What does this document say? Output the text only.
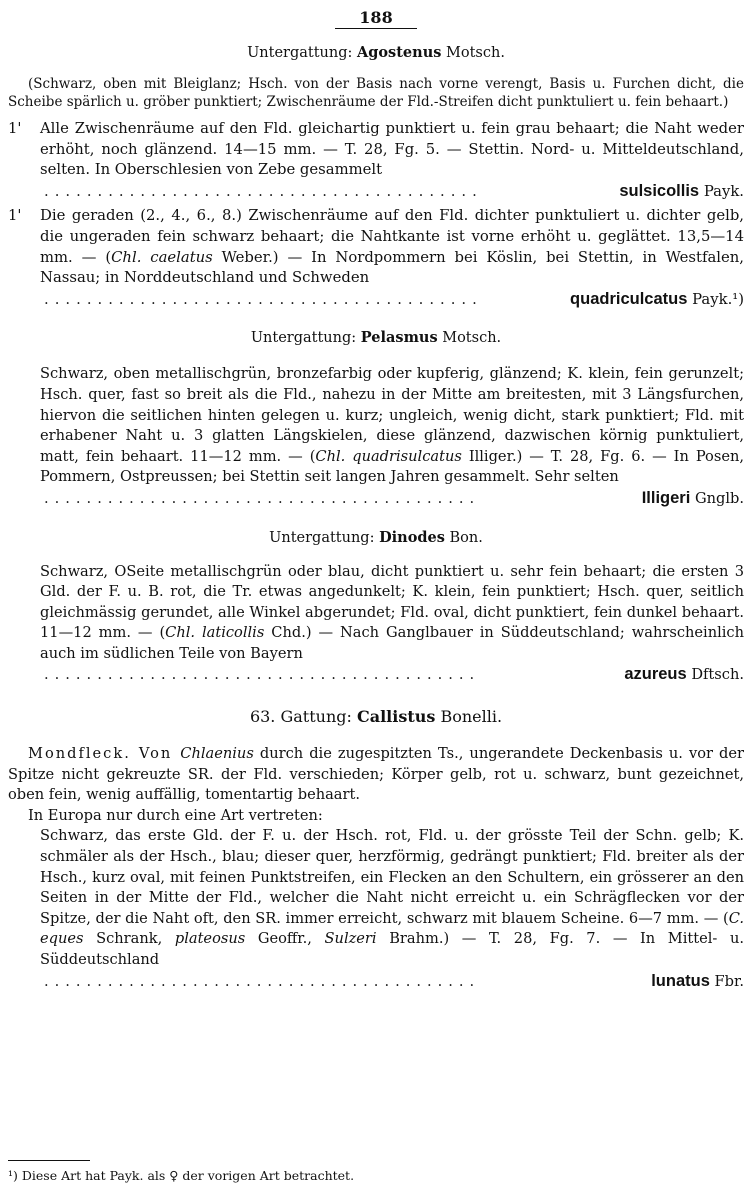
188
Untergattung: Agostenus Motsch.

(Schwarz, oben mit Bleiglanz; Hsch. von der Basis nach vorne verengt, Basis u. Furchen dicht, die Scheibe spärlich u. gröber punktiert; Zwischenräume der Fld.-Streifen dicht punktuliert u. fein behaart.)

1' Alle Zwischenräume auf den Fld. gleichartig punktiert u. fein grau behaart; die Naht weder erhöht, noch glänzend. 14—15 mm. — T. 28, Fg. 5. — Stettin. Nord- u. Mitteldeutschland, selten. In Oberschlesien von Zebe gesammelt
.........................................	sulsicollis Payk.
1' Die geraden (2., 4., 6., 8.) Zwischenräume auf den Fld. dichter punktuliert u. dichter gelb, die ungeraden fein schwarz behaart; die Nahtkante ist vorne erhöht u. geglättet. 13,5—14 mm. — (Chl. caelatus Weber.) — In Nordpommern bei Köslin, bei Stettin, in Westfalen, Nassau; in Norddeutschland und Schweden
.........................................	quadriculcatus Payk.¹)
Untergattung: Pelasmus Motsch.
Schwarz, oben metallischgrün, bronzefarbig oder kupferig, glänzend; K. klein, fein gerunzelt; Hsch. quer, fast so breit als die Fld., nahezu in der Mitte am breitesten, mit 3 Längsfurchen, hiervon die seitlichen hinten gelegen u. kurz; ungleich, wenig dicht, stark punktiert; Fld. mit erhabener Naht u. 3 glatten Längskielen, diese glänzend, dazwischen körnig punktuliert, matt, fein behaart. 11—12 mm. — (Chl. quadrisulcatus Illiger.) — T. 28, Fg. 6. — In Posen, Pommern, Ostpreussen; bei Stettin seit langen Jahren gesammelt. Sehr selten
.........................................	Illigeri Gnglb.
Untergattung: Dinodes Bon.
Schwarz, OSeite metallischgrün oder blau, dicht punktiert u. sehr fein behaart; die ersten 3 Gld. der F. u. B. rot, die Tr. etwas angedunkelt; K. klein, fein punktiert; Hsch. quer, seitlich gleichmässig gerundet, alle Winkel abgerundet; Fld. oval, dicht punktiert, fein dunkel behaart. 11—12 mm. — (Chl. laticollis Chd.) — Nach Ganglbauer in Süddeutschland; wahrscheinlich auch im südlichen Teile von Bayern
.........................................	azureus Dftsch.
63. Gattung: Callistus Bonelli.

Mondfleck. Von Chlaenius durch die zugespitzten Ts., ungerandete Deckenbasis u. vor der Spitze nicht gekreuzte SR. der Fld. verschieden; Körper gelb, rot u. schwarz, bunt gezeichnet, oben fein, wenig auffällig, tomentartig behaart.

In Europa nur durch eine Art vertreten:

Schwarz, das erste Gld. der F. u. der Hsch. rot, Fld. u. der grösste Teil der Schn. gelb; K. schmäler als der Hsch., blau; dieser quer, herzförmig, gedrängt punktiert; Fld. breiter als der Hsch., kurz oval, mit feinen Punktstreifen, ein Flecken an den Schultern, ein grösserer an den Seiten in der Mitte der Fld., welcher die Naht nicht erreicht u. ein Schrägflecken vor der Spitze, der die Naht oft, den SR. immer erreicht, schwarz mit blauem Scheine. 6—7 mm. — (C. eques Schrank, plateosus Geoffr., Sulzeri Brahm.) — T. 28, Fg. 7. — In Mittel- u. Süddeutschland
.........................................	lunatus Fbr.
¹) Diese Art hat Payk. als ♀ der vorigen Art betrachtet.
